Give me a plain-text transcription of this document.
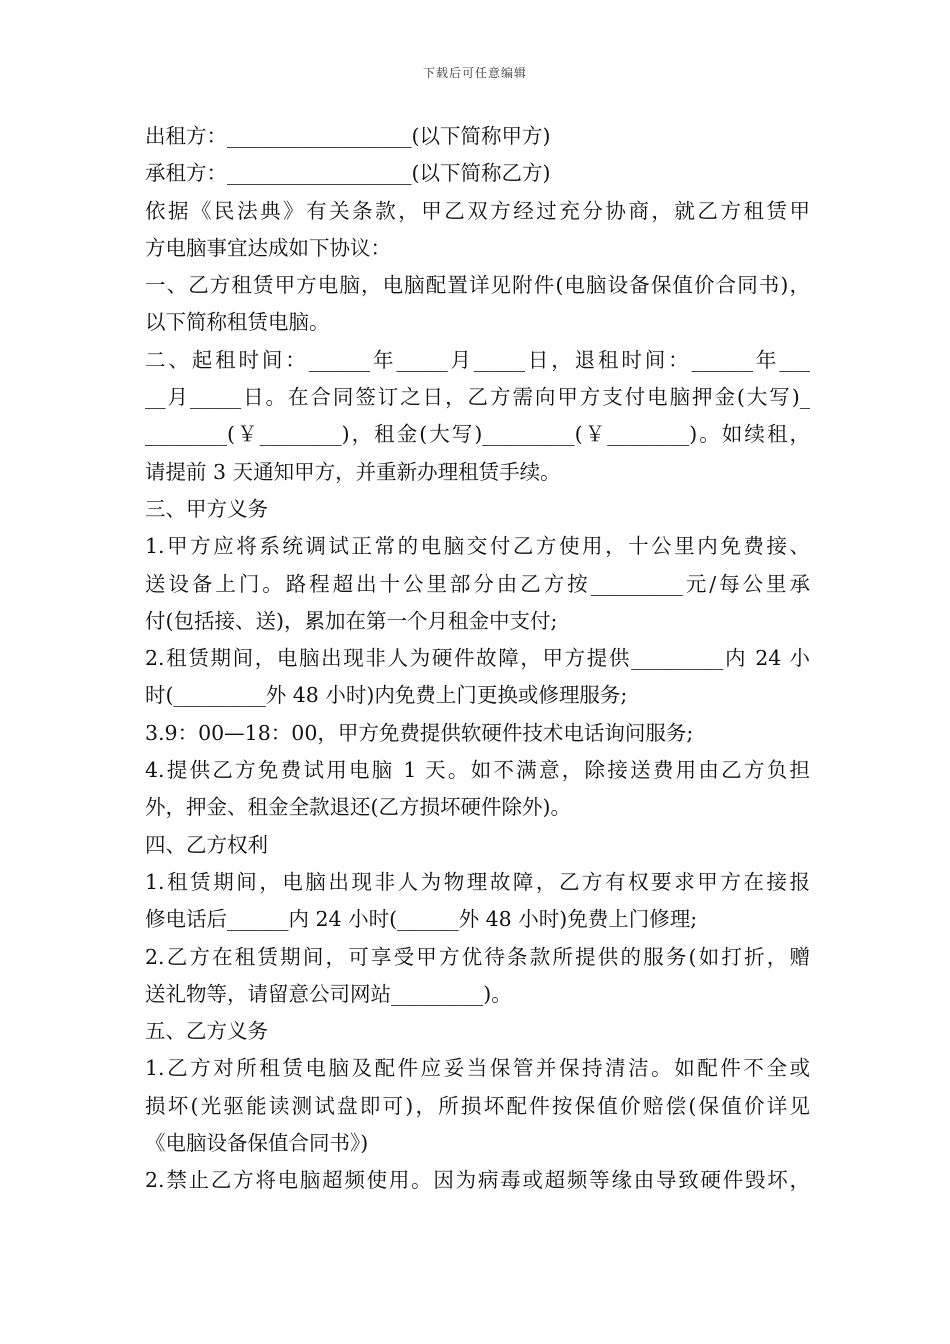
下载后可任意编辑
出租方：__________________(以下简称甲方)
承租方：__________________(以下简称乙方)
依据《民法典》有关条款，甲乙双方经过充分协商，就乙方租赁甲
方电脑事宜达成如下协议：
一、乙方租赁甲方电脑，电脑配置详见附件(电脑设备保值价合同书)，
以下简称租赁电脑。
二、起租时间：______年_____月_____日，退租时间：______年___
__月_____日。在合同签订之日，乙方需向甲方支付电脑押金(大写)_
________(￥________)，租金(大写)_________(￥________)。如续租，
请提前 3 天通知甲方，并重新办理租赁手续。
三、甲方义务
1.甲方应将系统调试正常的电脑交付乙方使用，十公里内免费接、
送设备上门。路程超出十公里部分由乙方按_________元/每公里承
付(包括接、送)，累加在第一个月租金中支付;
2.租赁期间，电脑出现非人为硬件故障，甲方提供_________内 24 小
时(_________外 48 小时)内免费上门更换或修理服务;
3.9：00—18：00，甲方免费提供软硬件技术电话询问服务;
4.提供乙方免费试用电脑 1 天。如不满意，除接送费用由乙方负担
外，押金、租金全款退还(乙方损坏硬件除外)。
四、乙方权利
1.租赁期间，电脑出现非人为物理故障，乙方有权要求甲方在接报
修电话后______内 24 小时(______外 48 小时)免费上门修理;
2.乙方在租赁期间，可享受甲方优待条款所提供的服务(如打折，赠
送礼物等，请留意公司网站_________)。
五、乙方义务
1.乙方对所租赁电脑及配件应妥当保管并保持清洁。如配件不全或
损坏(光驱能读测试盘即可)，所损坏配件按保值价赔偿(保值价详见
《电脑设备保值合同书》)
2.禁止乙方将电脑超频使用。因为病毒或超频等缘由导致硬件毁坏，
